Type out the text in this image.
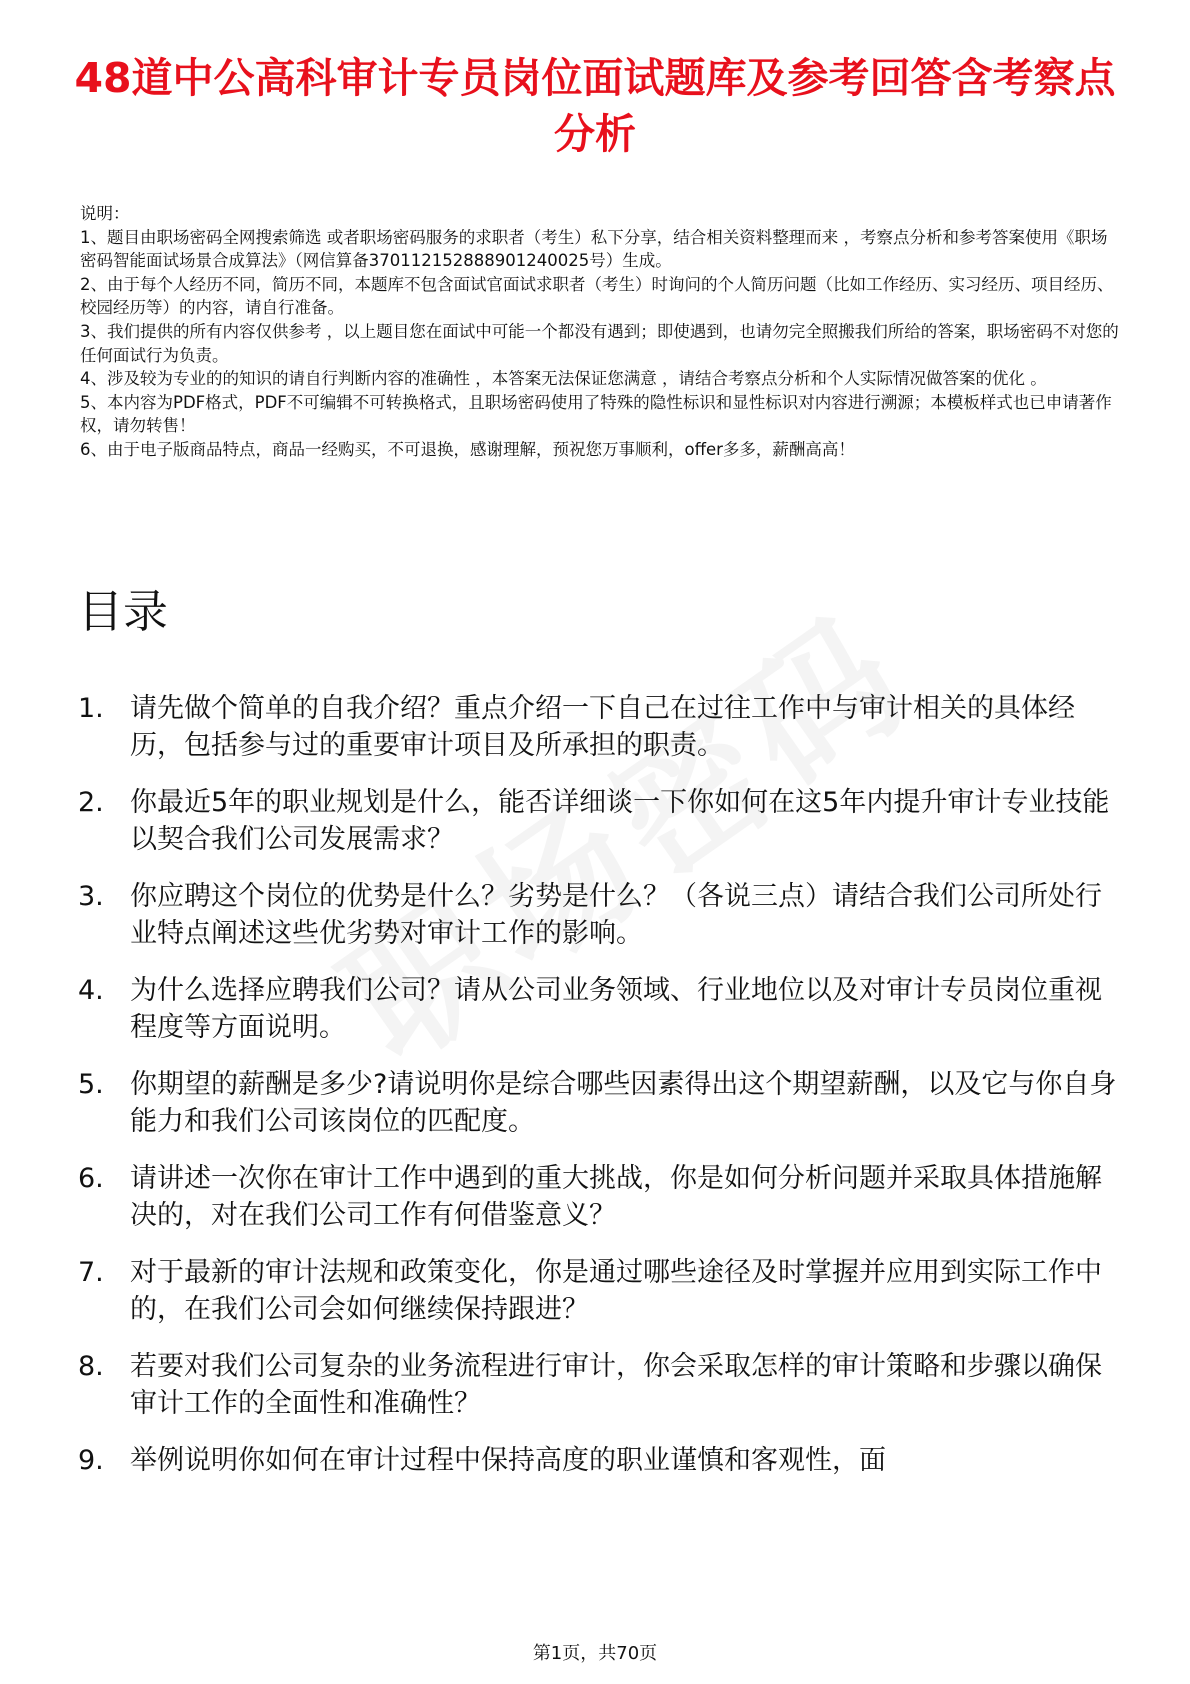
48道中公高科审计专员岗位面试题库及参考回答含考察点分析

说明：

1、题目由职场密码全网搜索筛选 或者职场密码服务的求职者（考生）私下分享，结合相关资料整理而来 ，考察点分析和参考答案使用《职场密码智能面试场景合成算法》（网信算备370112152888901240025号）生成。

2、由于每个人经历不同，简历不同，本题库不包含面试官面试求职者（考生）时询问的个人简历问题（比如工作经历、实习经历、项目经历、校园经历等）的内容，请自行准备。

3、我们提供的所有内容仅供参考 ，以上题目您在面试中可能一个都没有遇到；即使遇到，也请勿完全照搬我们所给的答案，职场密码不对您的任何面试行为负责。

4、涉及较为专业的的知识的请自行判断内容的准确性 ，本答案无法保证您满意 ，请结合考察点分析和个人实际情况做答案的优化 。

5、本内容为PDF格式，PDF不可编辑不可转换格式，且职场密码使用了特殊的隐性标识和显性标识对内容进行溯源；本模板样式也已申请著作权，请勿转售！

6、由于电子版商品特点，商品一经购买，不可退换，感谢理解，预祝您万事顺利，offer多多，薪酬高高！

目录
1. 请先做个简单的自我介绍？重点介绍一下自己在过往工作中与审计相关的具体经历，包括参与过的重要审计项目及所承担的职责。
2. 你最近5年的职业规划是什么，能否详细谈一下你如何在这5年内提升审计专业技能以契合我们公司发展需求？
3. 你应聘这个岗位的优势是什么？劣势是什么？（各说三点）请结合我们公司所处行业特点阐述这些优劣势对审计工作的影响。
4. 为什么选择应聘我们公司？请从公司业务领域、行业地位以及对审计专员岗位重视程度等方面说明。
5. 你期望的薪酬是多少?请说明你是综合哪些因素得出这个期望薪酬，以及它与你自身能力和我们公司该岗位的匹配度。
6. 请讲述一次你在审计工作中遇到的重大挑战，你是如何分析问题并采取具体措施解决的，对在我们公司工作有何借鉴意义？
7. 对于最新的审计法规和政策变化，你是通过哪些途径及时掌握并应用到实际工作中的，在我们公司会如何继续保持跟进？
8. 若要对我们公司复杂的业务流程进行审计，你会采取怎样的审计策略和步骤以确保审计工作的全面性和准确性？
9. 举例说明你如何在审计过程中保持高度的职业谨慎和客观性，面
第1页，共70页
